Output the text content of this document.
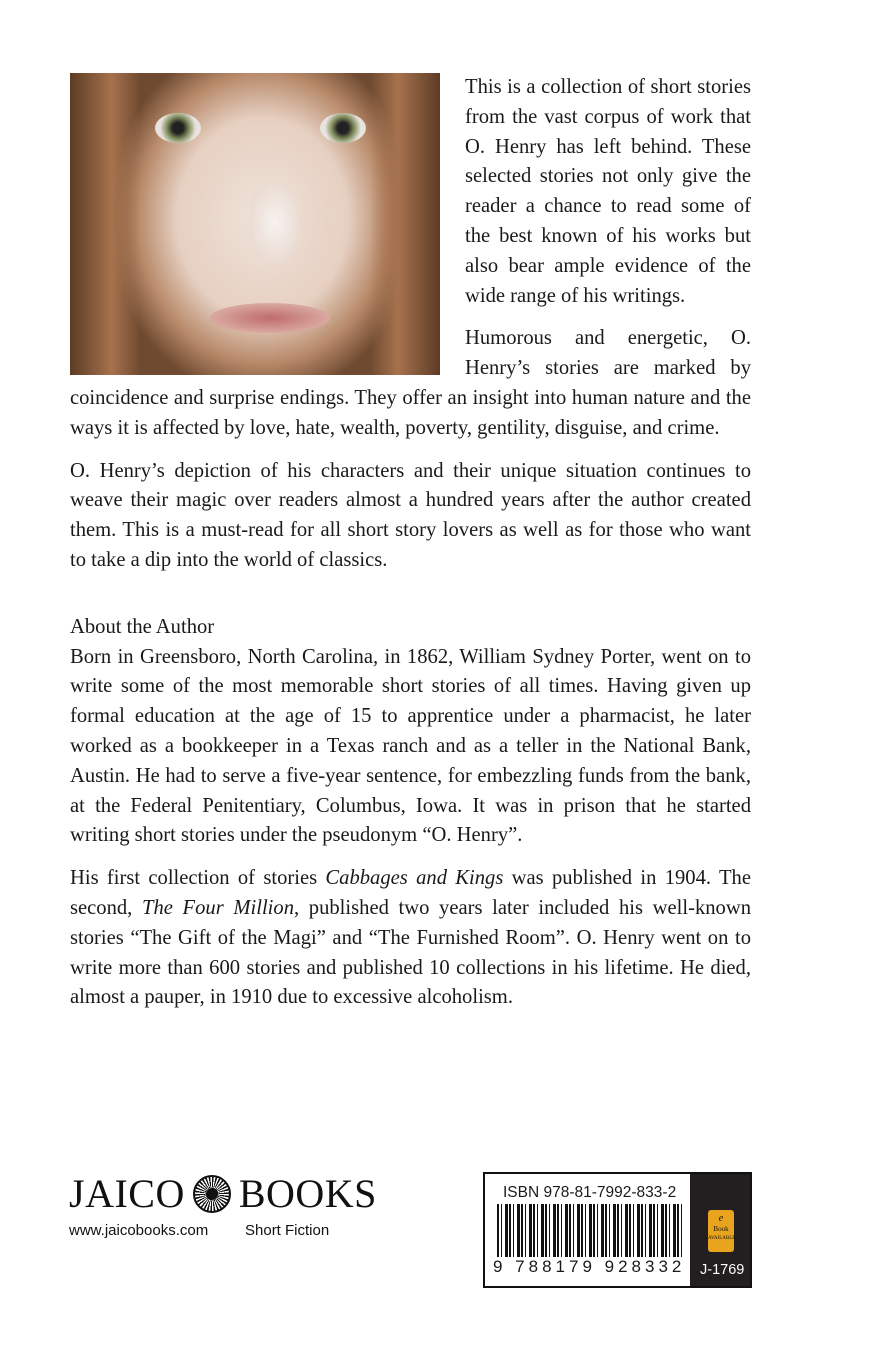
This is a collection of short stories from the vast corpus of work that O. Henry has left behind. These selected stories not only give the reader a chance to read some of the best known of his works but also bear ample evidence of the wide range of his writings.

Humorous and energetic, O. Henry’s stories are marked by coincidence and surprise endings. They offer an insight into human nature and the ways it is affected by love, hate, wealth, poverty, gentility, disguise, and crime.

O. Henry’s depiction of his characters and their unique situation continues to weave their magic over readers almost a hundred years after the author created them. This is a must-read for all short story lovers as well as for those who want to take a dip into the world of classics.

About the Author

Born in Greensboro, North Carolina, in 1862, William Sydney Porter, went on to write some of the most memorable short stories of all times. Having given up formal education at the age of 15 to apprentice under a pharmacist, he later worked as a bookkeeper in a Texas ranch and as a teller in the National Bank, Austin. He had to serve a five-year sentence, for embezzling funds from the bank, at the Federal Penitentiary, Columbus, Iowa. It was in prison that he started writing short stories under the pseudonym “O. Henry”.

His first collection of stories Cabbages and Kings was published in 1904. The second, The Four Million, published two years later included his well-known stories “The Gift of the Magi” and “The Furnished Room”. O. Henry went on to write more than 600 stories and published 10 collections in his lifetime. He died, almost a pauper, in 1910 due to excessive alcoholism.

JAICO BOOKS
www.jaicobooks.com Short Fiction
ISBN 978-81-7992-833-2
9 788179 928332
e
Book
AVAILABLE
J-1769
